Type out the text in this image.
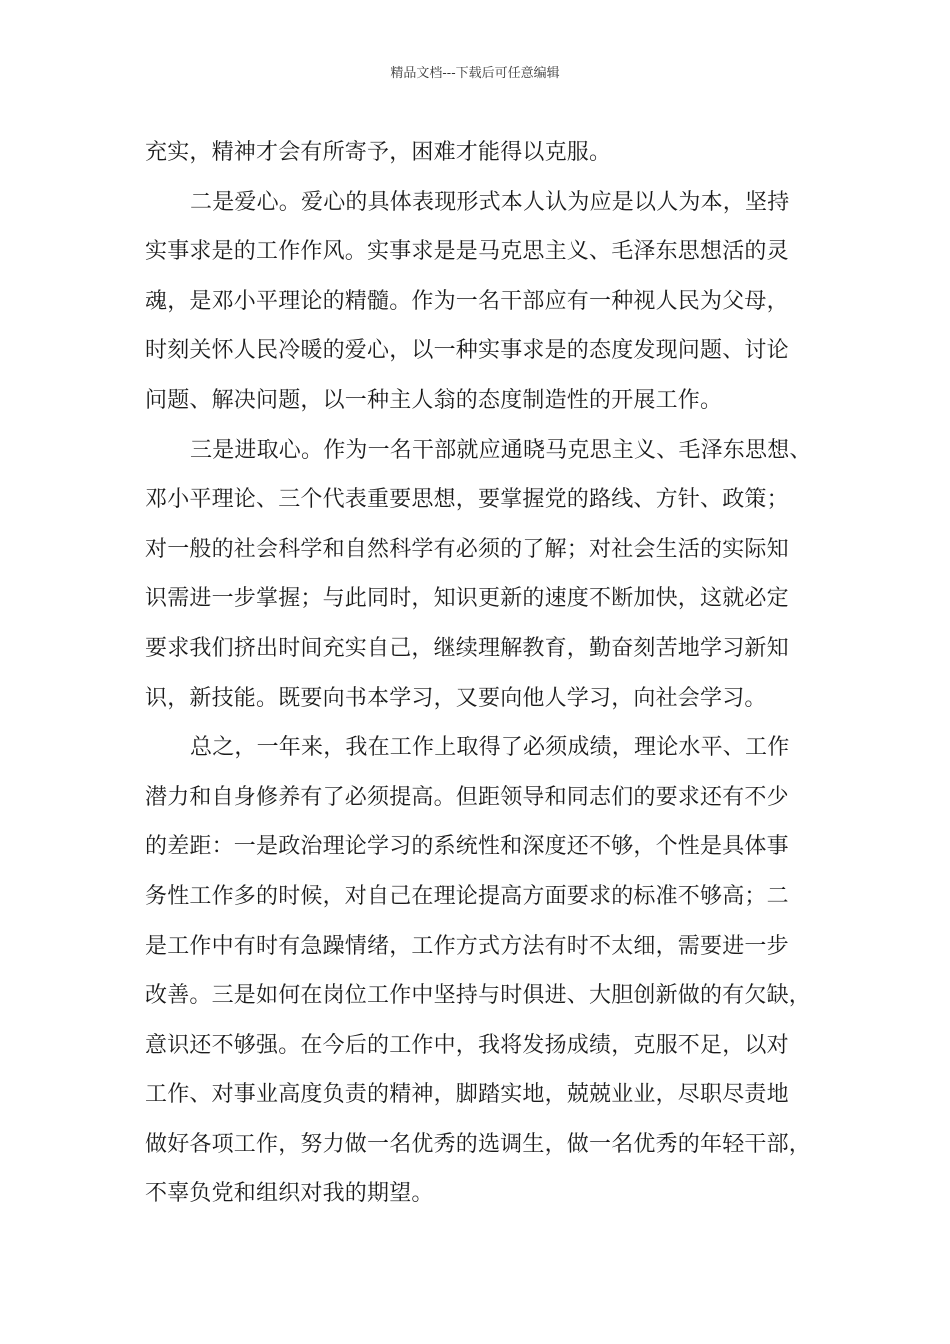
精品文档---下载后可任意编辑
充实，精神才会有所寄予，困难才能得以克服。
二是爱心。爱心的具体表现形式本人认为应是以人为本，坚持
实事求是的工作作风。实事求是是马克思主义、毛泽东思想活的灵
魂，是邓小平理论的精髓。作为一名干部应有一种视人民为父母，
时刻关怀人民冷暖的爱心，以一种实事求是的态度发现问题、讨论
问题、解决问题，以一种主人翁的态度制造性的开展工作。
三是进取心。作为一名干部就应通晓马克思主义、毛泽东思想、
邓小平理论、三个代表重要思想，要掌握党的路线、方针、政策；
对一般的社会科学和自然科学有必须的了解；对社会生活的实际知
识需进一步掌握；与此同时，知识更新的速度不断加快，这就必定
要求我们挤出时间充实自己，继续理解教育，勤奋刻苦地学习新知
识，新技能。既要向书本学习，又要向他人学习，向社会学习。
总之，一年来，我在工作上取得了必须成绩，理论水平、工作
潜力和自身修养有了必须提高。但距领导和同志们的要求还有不少
的差距：一是政治理论学习的系统性和深度还不够，个性是具体事
务性工作多的时候，对自己在理论提高方面要求的标准不够高；二
是工作中有时有急躁情绪，工作方式方法有时不太细，需要进一步
改善。三是如何在岗位工作中坚持与时俱进、大胆创新做的有欠缺，
意识还不够强。在今后的工作中，我将发扬成绩，克服不足，以对
工作、对事业高度负责的精神，脚踏实地，兢兢业业，尽职尽责地
做好各项工作，努力做一名优秀的选调生，做一名优秀的年轻干部，
不辜负党和组织对我的期望。
